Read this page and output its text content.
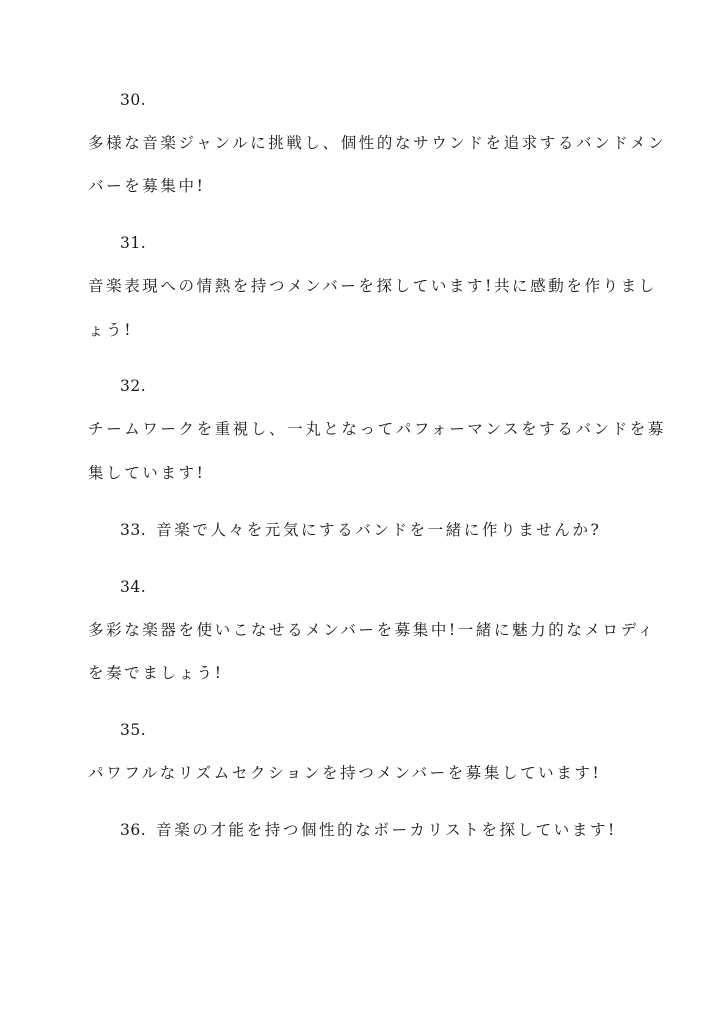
30.
多様な音楽ジャンルに挑戦し、個性的なサウンドを追求するバンドメン
バーを募集中!
31.
音楽表現への情熱を持つメンバーを探しています!共に感動を作りまし
ょう!
32.
チームワークを重視し、一丸となってパフォーマンスをするバンドを募
集しています!
33. 音楽で人々を元気にするバンドを一緒に作りませんか?
34.
多彩な楽器を使いこなせるメンバーを募集中!一緒に魅力的なメロディ
を奏でましょう!
35.
パワフルなリズムセクションを持つメンバーを募集しています!
36. 音楽の才能を持つ個性的なボーカリストを探しています!
